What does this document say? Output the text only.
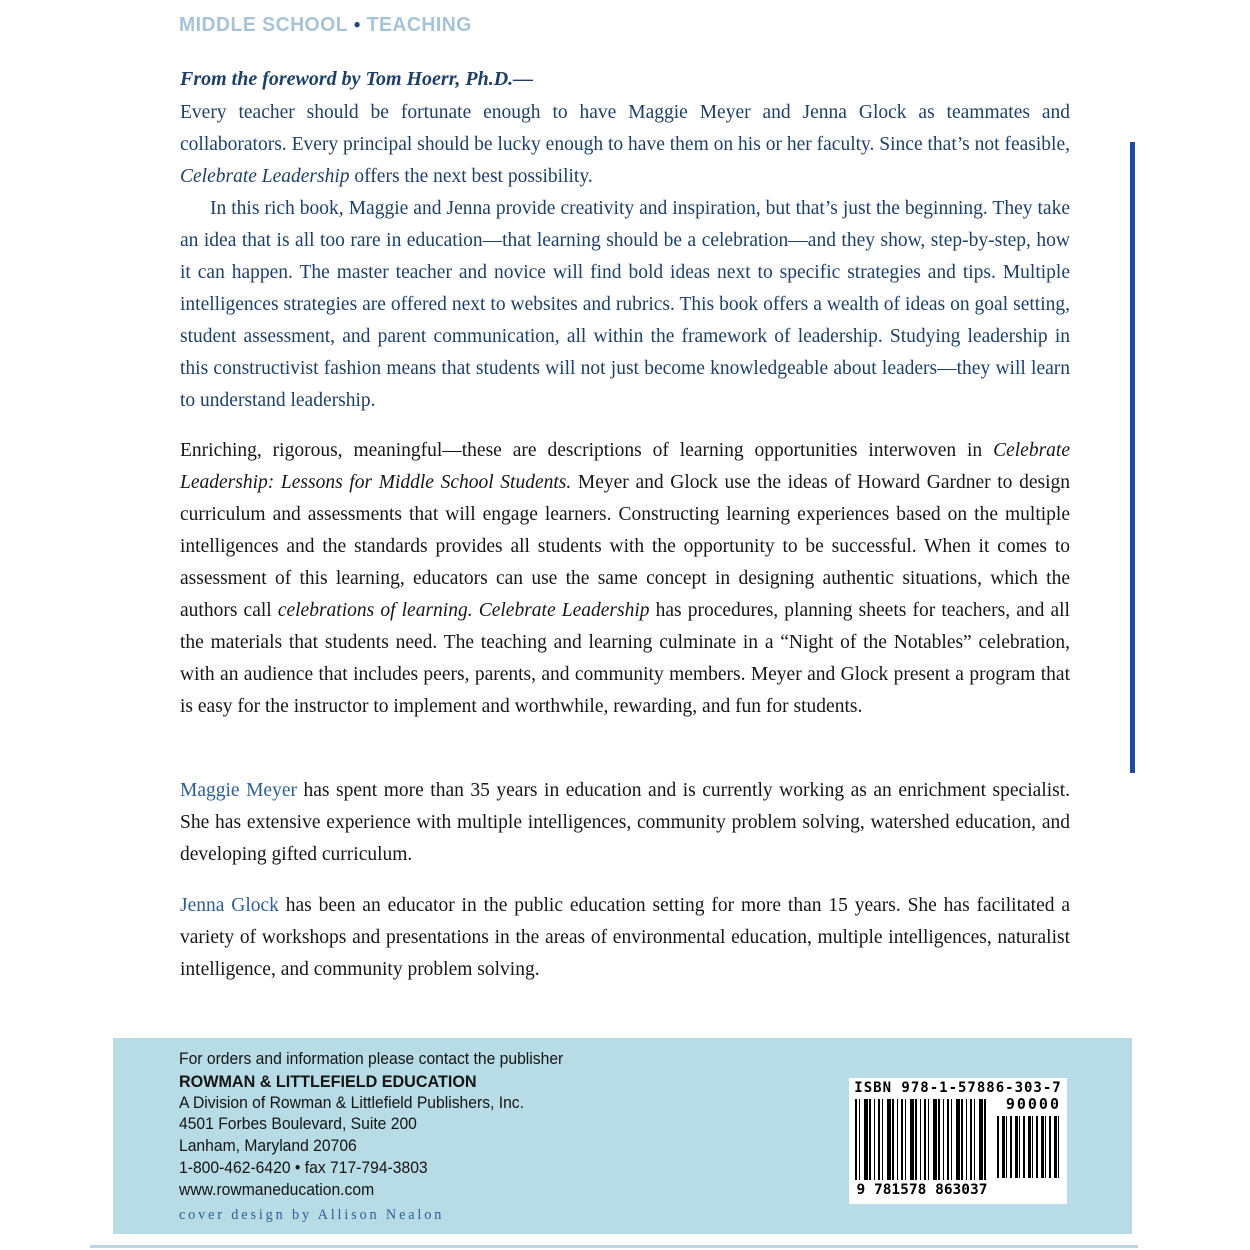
MIDDLE SCHOOL • TEACHING
From the foreword by Tom Hoerr, Ph.D.—

Every teacher should be fortunate enough to have Maggie Meyer and Jenna Glock as teammates and collaborators. Every principal should be lucky enough to have them on his or her faculty. Since that’s not feasible, Celebrate Leadership offers the next best possibility.

In this rich book, Maggie and Jenna provide creativity and inspiration, but that’s just the beginning. They take an idea that is all too rare in education—that learning should be a celebration—and they show, step-by-step, how it can happen. The master teacher and novice will find bold ideas next to specific strategies and tips. Multiple intelligences strategies are offered next to websites and rubrics. This book offers a wealth of ideas on goal setting, student assessment, and parent communication, all within the framework of leadership. Studying leadership in this constructivist fashion means that students will not just become knowledgeable about leaders—they will learn to understand leadership.

Enriching, rigorous, meaningful—these are descriptions of learning opportunities interwoven in Celebrate Leadership: Lessons for Middle School Students. Meyer and Glock use the ideas of Howard Gardner to design curriculum and assessments that will engage learners. Constructing learning experiences based on the multiple intelligences and the standards provides all students with the opportunity to be successful. When it comes to assessment of this learning, educators can use the same concept in designing authentic situations, which the authors call celebrations of learning. Celebrate Leadership has procedures, planning sheets for teachers, and all the materials that students need. The teaching and learning culminate in a “Night of the Notables” celebration, with an audience that includes peers, parents, and community members. Meyer and Glock present a program that is easy for the instructor to implement and worthwhile, rewarding, and fun for students.
Maggie Meyer has spent more than 35 years in education and is currently working as an enrichment specialist. She has extensive experience with multiple intelligences, community problem solving, watershed education, and developing gifted curriculum.
Jenna Glock has been an educator in the public education setting for more than 15 years. She has facilitated a variety of workshops and presentations in the areas of environmental education, multiple intelligences, naturalist intelligence, and community problem solving.
For orders and information please contact the publisher
ROWMAN & LITTLEFIELD EDUCATION
A Division of Rowman & Littlefield Publishers, Inc.
4501 Forbes Boulevard, Suite 200
Lanham, Maryland 20706
1-800-462-6420 • fax 717-794-3803
www.rowmaneducation.com
cover design by Allison Nealon
ISBN 978-1-57886-303-7
90000
9 781578 863037
